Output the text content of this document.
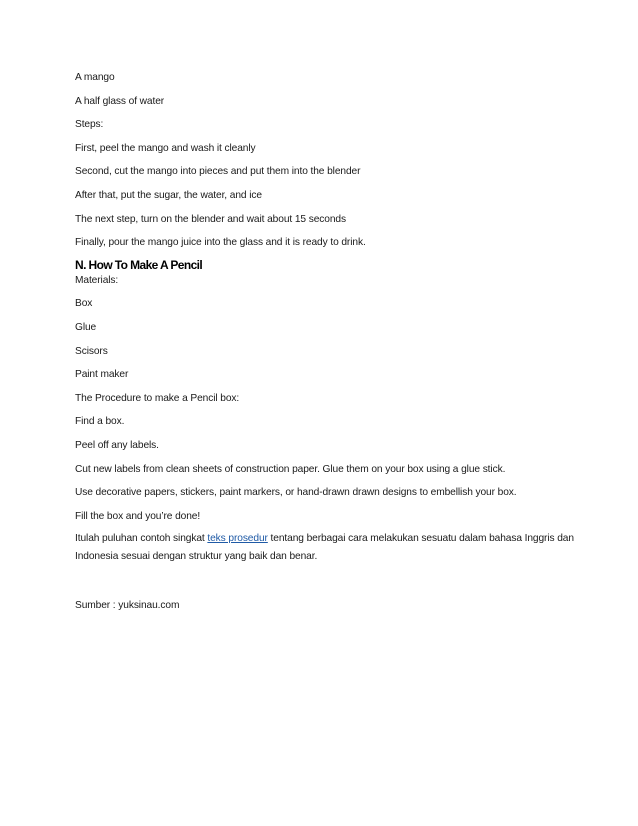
A mango

A half glass of water

Steps:

First, peel the mango and wash it cleanly

Second, cut the mango into pieces and put them into the blender

After that, put the sugar, the water, and ice

The next step, turn on the blender and wait about 15 seconds

Finally, pour the mango juice into the glass and it is ready to drink.

N. How To Make A Pencil

Materials:

Box

Glue

Scisors

Paint maker

The Procedure to make a Pencil box:

Find a box.

Peel off any labels.

Cut new labels from clean sheets of construction paper. Glue them on your box using a glue stick.

Use decorative papers, stickers, paint markers, or hand-drawn drawn designs to embellish your box.

Fill the box and you’re done!

Itulah puluhan contoh singkat teks prosedur tentang berbagai cara melakukan sesuatu dalam bahasa Inggris dan Indonesia sesuai dengan struktur yang baik dan benar.

Sumber : yuksinau.com
